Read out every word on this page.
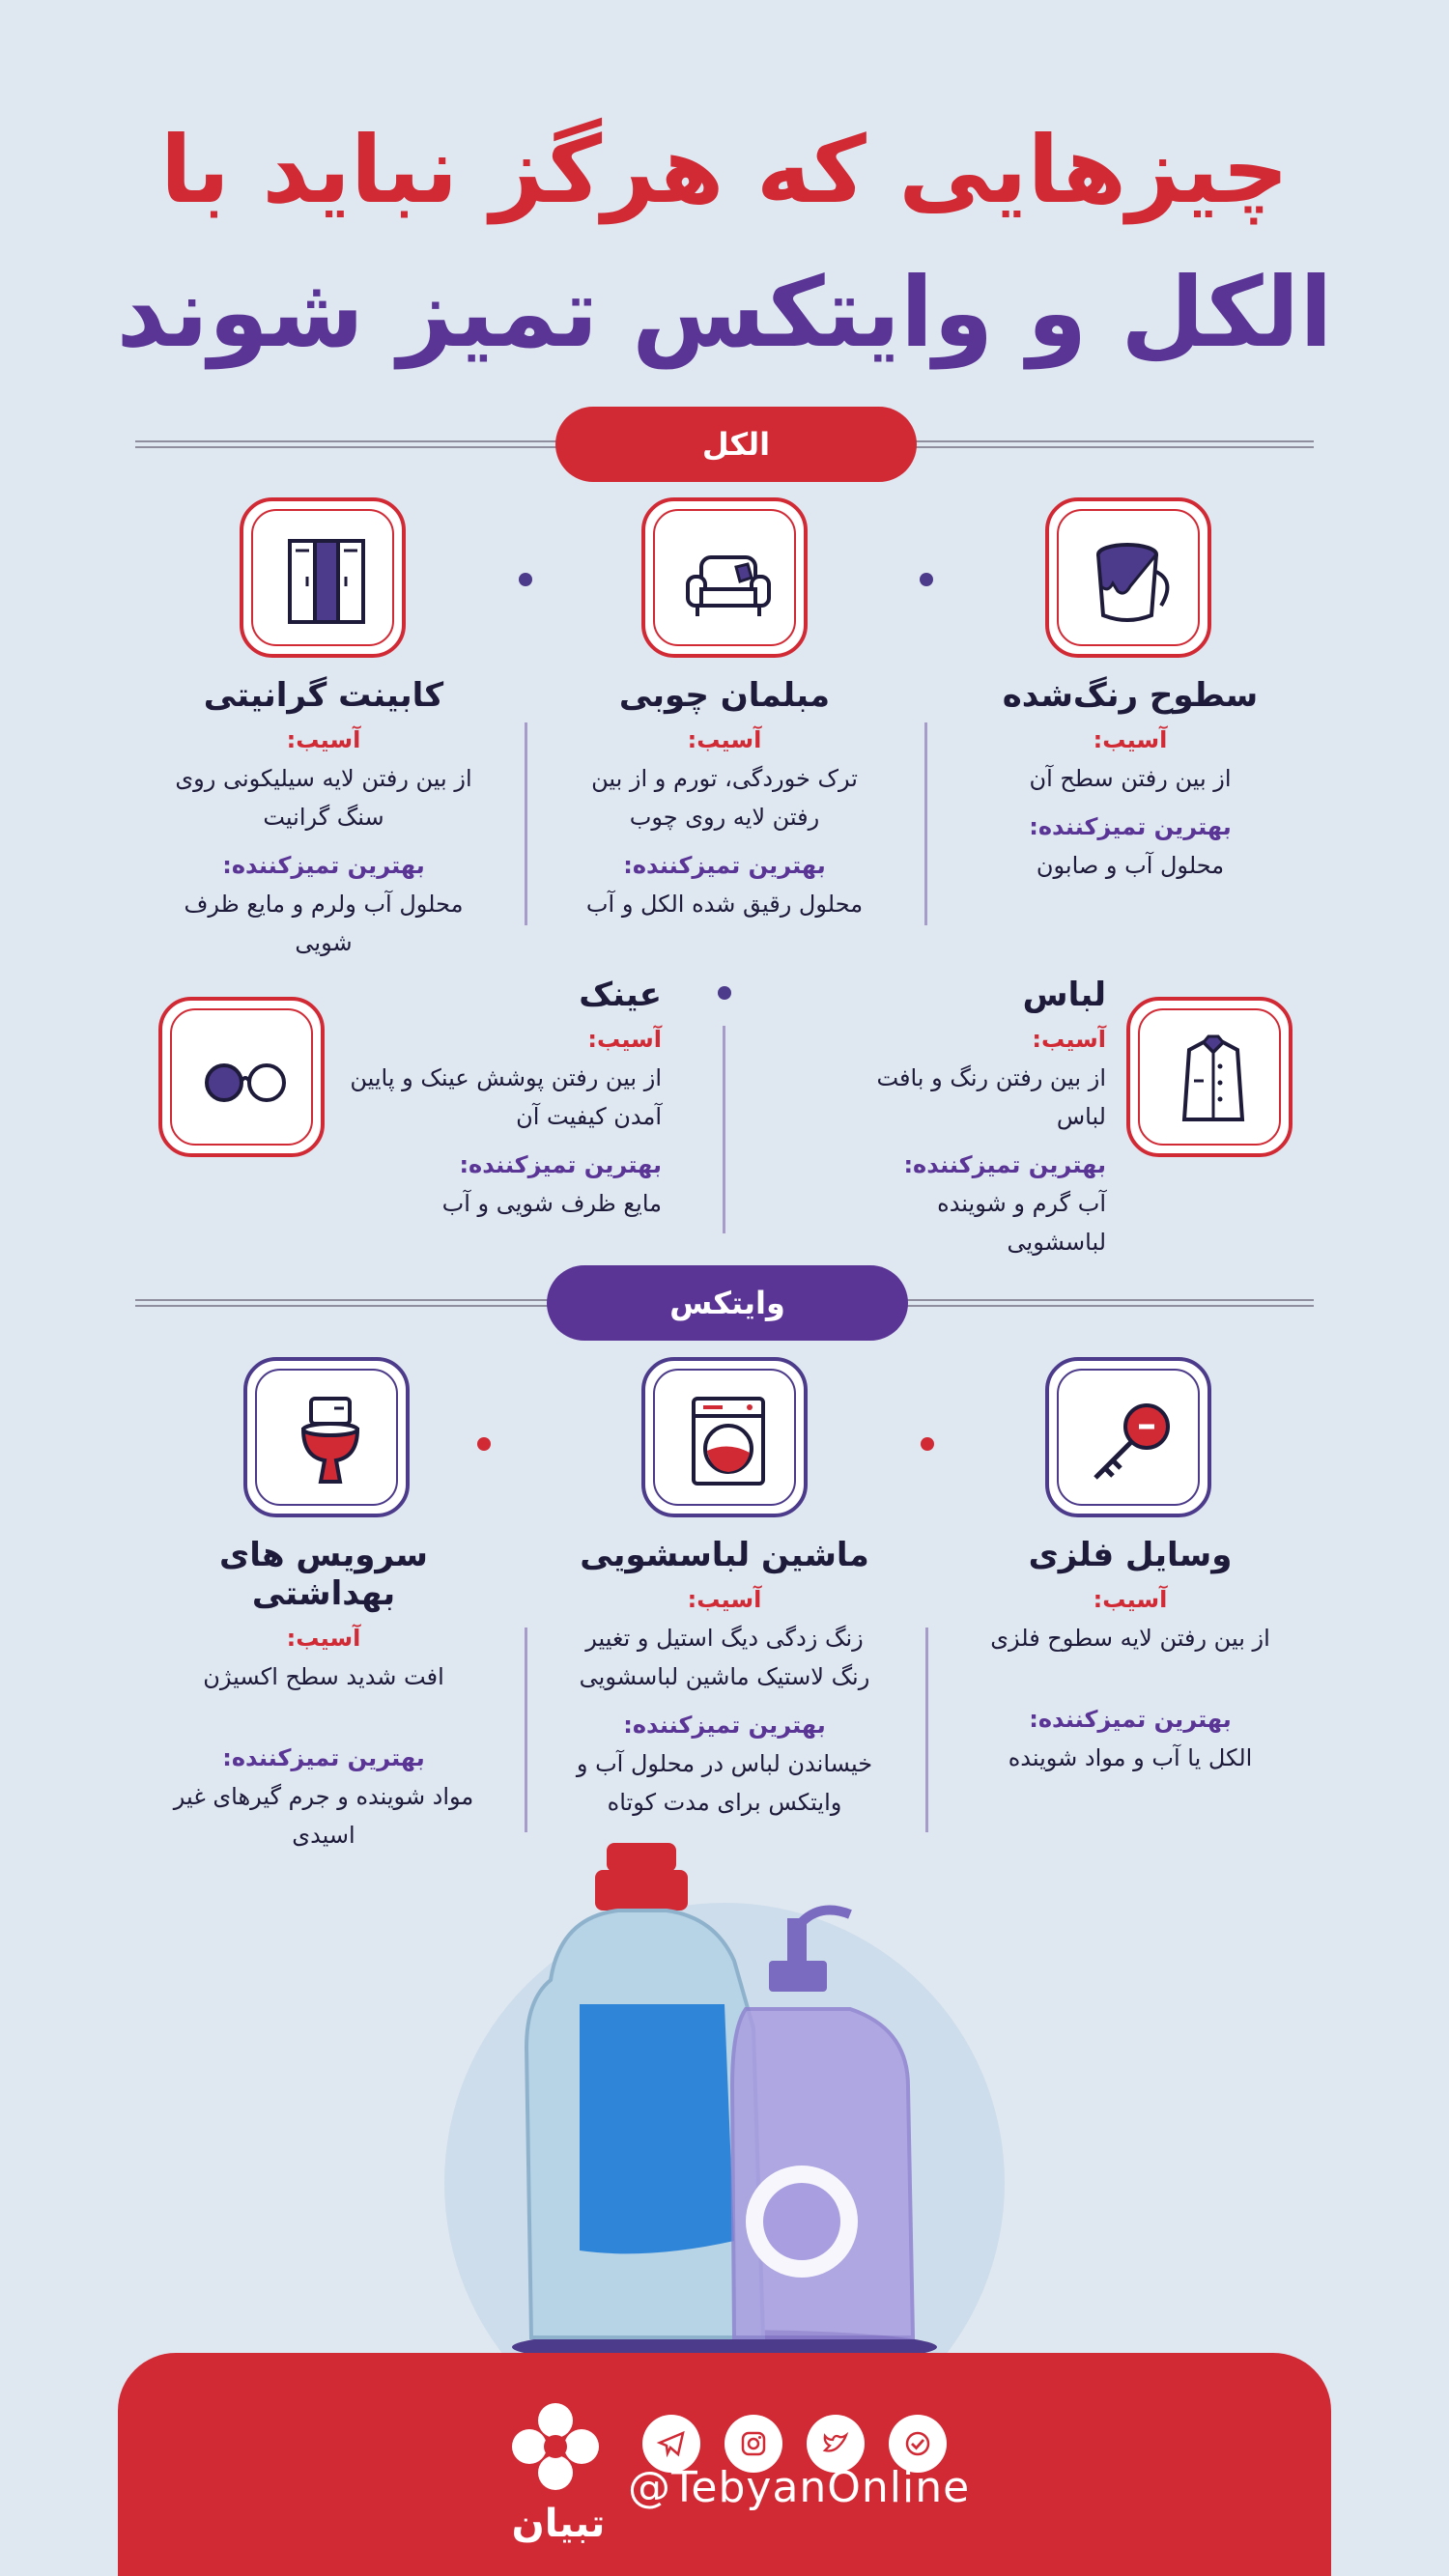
چیزهایی که هرگز نباید با
الکل و وایتکس تمیز شوند
الکل
سطوح رنگ‌شده
آسیب:
از بین رفتن سطح آن
بهترین تمیزکننده:
محلول آب و صابون
مبلمان چوبی
آسیب:
ترک خوردگی، تورم و از بین رفتن لایه روی چوب
بهترین تمیزکننده:
محلول رقیق شده الکل و آب
کابینت گرانیتی
آسیب:
از بین رفتن لایه سیلیکونی روی سنگ گرانیت
بهترین تمیزکننده:
محلول آب ولرم و مایع ظرف شویی
لباس
آسیب:
از بین رفتن رنگ و بافت لباس
بهترین تمیزکننده:
آب گرم و شوینده لباسشویی
عینک
آسیب:
از بین رفتن پوشش عینک و پایین آمدن کیفیت آن
بهترین تمیزکننده:
مایع ظرف شویی و آب
وایتکس
وسایل فلزی
آسیب:
از بین رفتن لایه سطوح فلزی
بهترین تمیزکننده:
الکل یا آب و مواد شوینده
ماشین لباسشویی
آسیب:
زنگ زدگی دیگ استیل و تغییر رنگ لاستیک ماشین لباسشویی
بهترین تمیزکننده:
خیساندن لباس در محلول آب و وایتکس برای مدت کوتاه
سرویس های بهداشتی
آسیب:
افت شدید سطح اکسیژن
بهترین تمیزکننده:
مواد شوینده و جرم گیرهای غیر اسیدی
تبیان
@TebyanOnline
